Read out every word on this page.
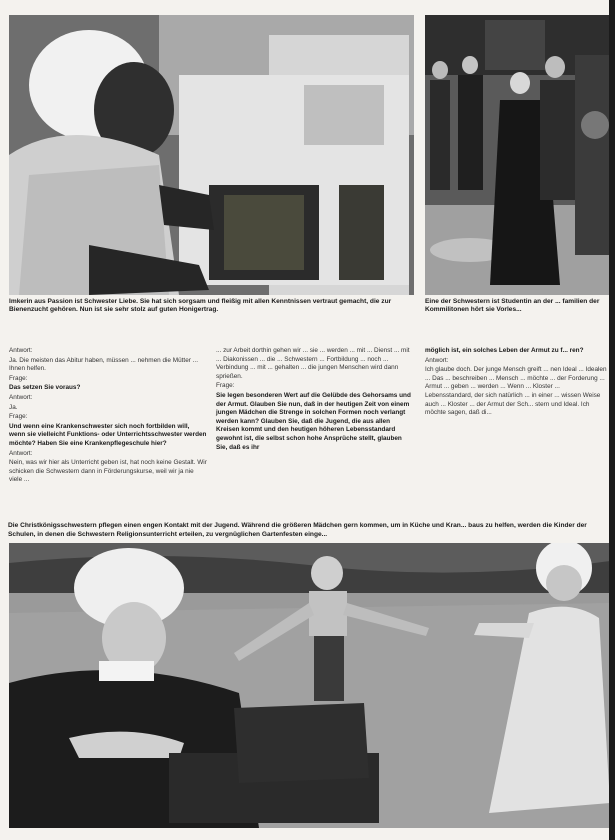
Imkerin aus Passion ist Schwester Liebe. Sie hat sich sorgsam und fleißig mit allen Kenntnissen vertraut gemacht, die zur Bienenzucht gehören. Nun ist sie sehr stolz auf guten Honigertrag.

Eine der Schwestern ist Studentin an der ... familien der Kommilitonen hört sie Vorles...

Antwort:

Ja. Die meisten das Abitur haben, müssen ... nehmen die Mütter ... Ihnen helfen.

Frage:

Das setzen Sie voraus?

Antwort:

Ja.

Frage:

Und wenn eine Krankenschwester sich noch fortbilden will, wenn sie vielleicht Funktions- oder Unterrichtsschwester werden möchte? Haben Sie eine Krankenpflegeschule hier?

Antwort:

Nein, was wir hier als Unterricht geben ist, hat noch keine Gestalt. Wir schicken die Schwestern dann in Förderungskurse, weil wir ja nie viele ...

... zur Arbeit dorthin gehen wir ... sie ... werden ... mit ... Dienst ... mit ... Diakonissen ... die ... Schwestern ... Fortbildung ... noch ... Verbindung ... mit ... gehalten ... die jungen Menschen wird dann sprießen.

Frage:

Sie legen besonderen Wert auf die Gelübde des Gehorsams und der Armut. Glauben Sie nun, daß in der heutigen Zeit von einem jungen Mädchen die Strenge in solchen Formen noch verlangt werden kann? Glauben Sie, daß die Jugend, die aus allen Kreisen kommt und den heutigen höheren Lebensstandard gewohnt ist, die selbst schon hohe Ansprüche stellt, glauben Sie, daß es ihr

möglich ist, ein solches Leben der Armut zu f... ren?

Antwort:

Ich glaube doch. Der junge Mensch greift ... nen Ideal ... Idealen ... Das ... beschreiben ... Mensch ... möchte ... der Forderung ... Armut ... geben ... werden ... Wenn ... Kloster ... Lebensstandard, der sich natürlich ... in einer ... wissen Weise auch ... Kloster ... der Armut der Sch... stern und Ideal. Ich möchte sagen, daß di...

Die Christkönigsschwestern pflegen einen engen Kontakt mit der Jugend. Während die größeren Mädchen gern kommen, um in Küche und Kran... baus zu helfen, werden die Kinder der Schulen, in denen die Schwestern Religionsunterricht erteilen, zu vergnüglichen Gartenfesten einge...
